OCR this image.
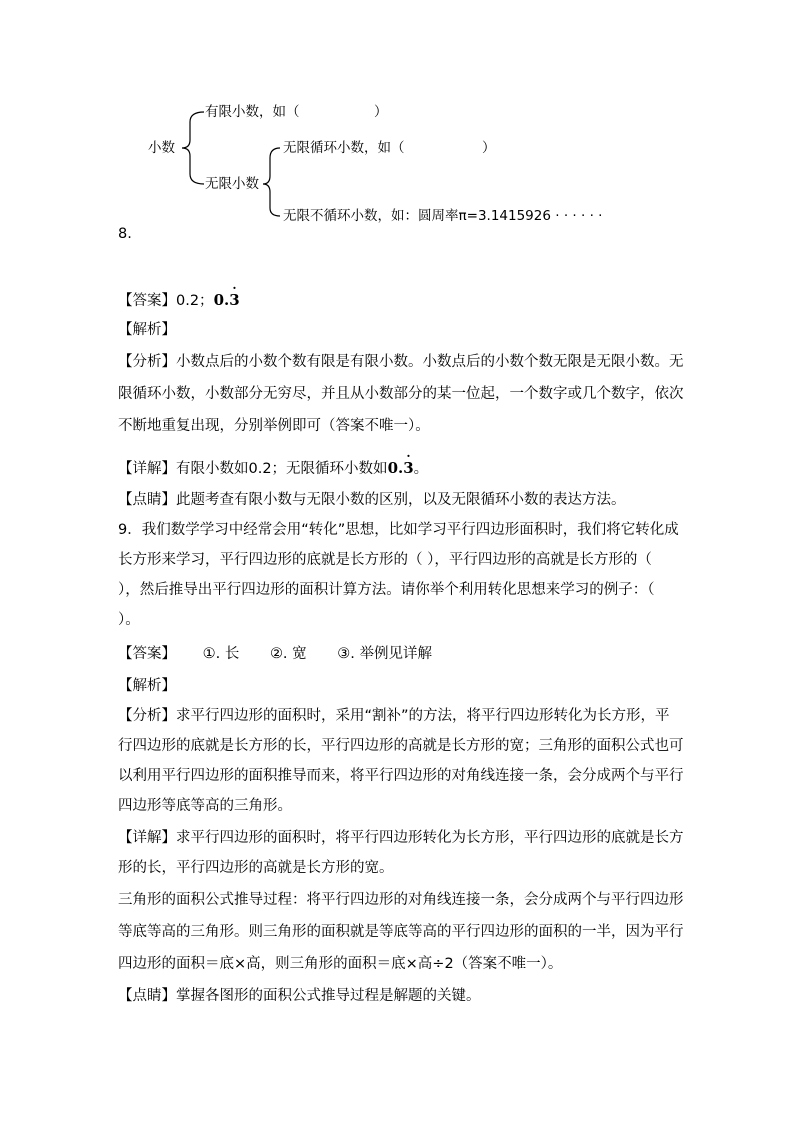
小数
有限小数，如（	）
无限小数
无限循环小数，如（	）
无限不循环小数，如：圆周率π=3.1415926 · · · · · ·
8.
【答案】0.2；0.3
·
【解析】
【分析】小数点后的小数个数有限是有限小数。小数点后的小数个数无限是无限小数。无
限循环小数，小数部分无穷尽，并且从小数部分的某一位起，一个数字或几个数字，依次
不断地重复出现，分别举例即可（答案不唯一）。
【详解】有限小数如0.2；无限循环小数如0.3
·
。
【点睛】此题考查有限小数与无限小数的区别，以及无限循环小数的表达方法。
9．我们数学学习中经常会用“转化”思想，比如学习平行四边形面积时，我们将它转化成
长方形来学习，平行四边形的底就是长方形的（ ），平行四边形的高就是长方形的（
），然后推导出平行四边形的面积计算方法。请你举个利用转化思想来学习的例子：（
）。
【答案】 ①. 长 ②. 宽 ③. 举例见详解
【解析】
【分析】求平行四边形的面积时，采用“割补”的方法，将平行四边形转化为长方形，平
行四边形的底就是长方形的长，平行四边形的高就是长方形的宽；三角形的面积公式也可
以利用平行四边形的面积推导而来，将平行四边形的对角线连接一条，会分成两个与平行
四边形等底等高的三角形。
【详解】求平行四边形的面积时，将平行四边形转化为长方形，平行四边形的底就是长方
形的长，平行四边形的高就是长方形的宽。
三角形的面积公式推导过程：将平行四边形的对角线连接一条，会分成两个与平行四边形
等底等高的三角形。则三角形的面积就是等底等高的平行四边形的面积的一半，因为平行
四边形的面积＝底×高，则三角形的面积＝底×高÷2（答案不唯一）。
【点睛】掌握各图形的面积公式推导过程是解题的关键。
